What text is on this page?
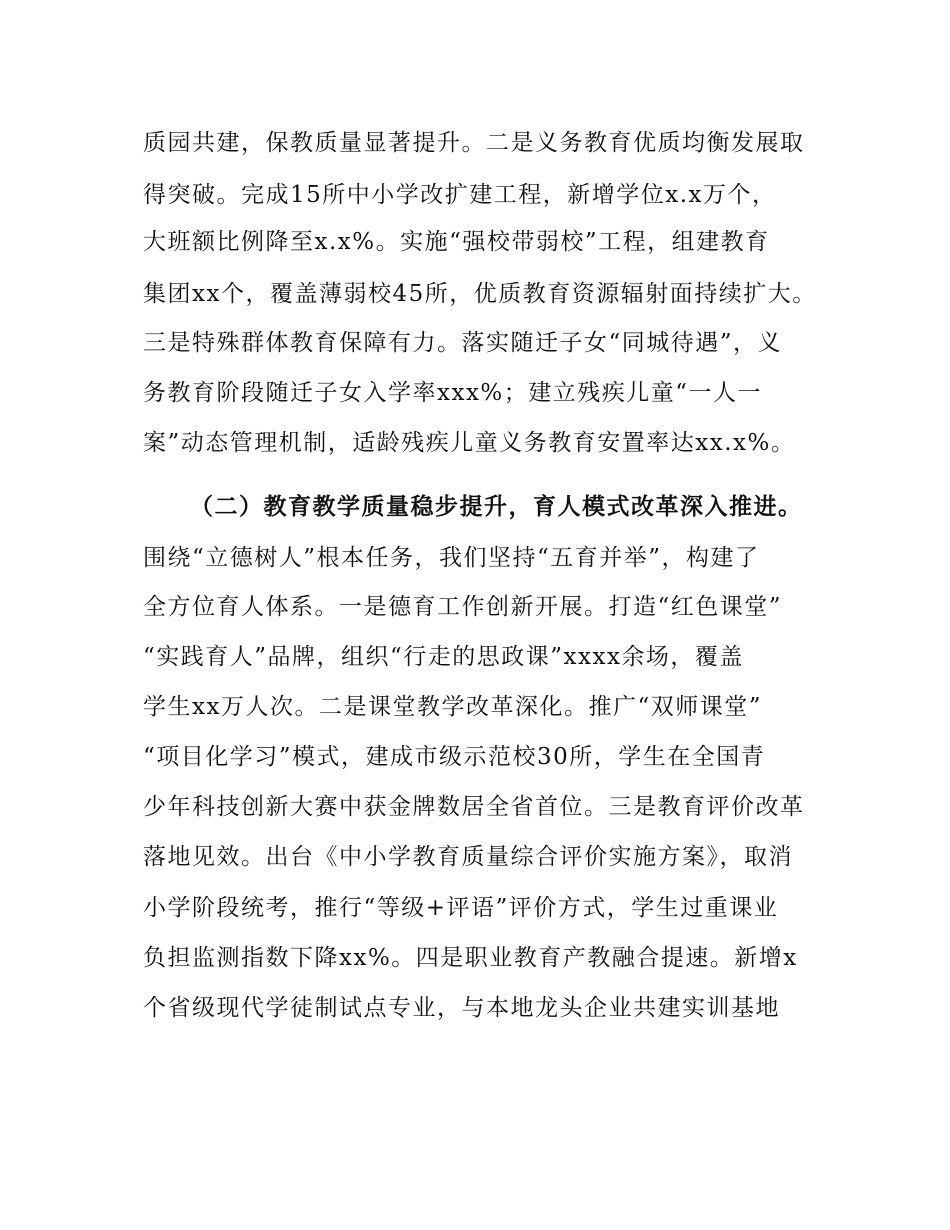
质园共建，保教质量显著提升。二是义务教育优质均衡发展取
得突破。完成15所中小学改扩建工程，新增学位x.x万个，
大班额比例降至x.x%。实施“强校带弱校”工程，组建教育
集团xx个，覆盖薄弱校45所，优质教育资源辐射面持续扩大。
三是特殊群体教育保障有力。落实随迁子女“同城待遇”，义
务教育阶段随迁子女入学率xxx%；建立残疾儿童“一人一
案”动态管理机制，适龄残疾儿童义务教育安置率达xx.x%。
（二）教育教学质量稳步提升，育人模式改革深入推进。
围绕“立德树人”根本任务，我们坚持“五育并举”，构建了
全方位育人体系。一是德育工作创新开展。打造“红色课堂”
“实践育人”品牌，组织“行走的思政课”xxxx余场，覆盖
学生xx万人次。二是课堂教学改革深化。推广“双师课堂”
“项目化学习”模式，建成市级示范校30所，学生在全国青
少年科技创新大赛中获金牌数居全省首位。三是教育评价改革
落地见效。出台《中小学教育质量综合评价实施方案》，取消
小学阶段统考，推行“等级+评语”评价方式，学生过重课业
负担监测指数下降xx%。四是职业教育产教融合提速。新增x
个省级现代学徒制试点专业，与本地龙头企业共建实训基地
